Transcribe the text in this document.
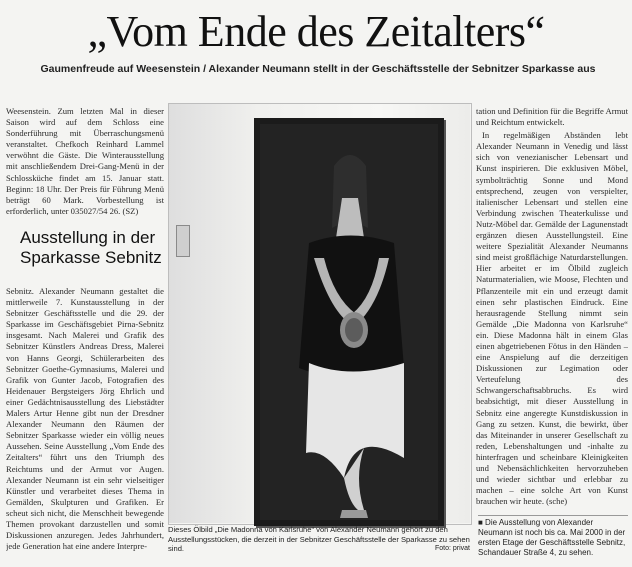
„Vom Ende des Zeitalters“
Gaumenfreude auf Weesenstein / Alexander Neumann stellt in der Geschäftsstelle der Sebnitzer Sparkasse aus

Weesenstein. Zum letzten Mal in dieser Saison wird auf dem Schloss eine Sonderführung mit Überraschungsmenü veranstaltet. Chefkoch Reinhard Lammel verwöhnt die Gäste. Die Winterausstellung mit anschließendem Drei-Gang-Menü in der Schlossküche findet am 15. Januar statt. Beginn: 18 Uhr. Der Preis für Führung Menü beträgt 60 Mark. Vorbestellung ist erforderlich, unter 035027/54 26. (SZ)

Ausstellung in der Sparkasse Sebnitz

Sebnitz. Alexander Neumann gestaltet die mittlerweile 7. Kunstausstellung in der Sebnitzer Geschäftsstelle und die 29. der Sparkasse im Geschäftsgebiet Pirna-Sebnitz insgesamt. Nach Malerei und Grafik des Sebnitzer Künstlers Andreas Dress, Malerei von Hanns Georgi, Schülerarbeiten des Sebnitzer Goethe-Gymnasiums, Malerei und Grafik von Gunter Jacob, Fotografien des Heidenauer Bergsteigers Jörg Ehrlich und einer Gedächtnisausstellung des Liebstädter Malers Artur Henne gibt nun der Dresdner Alexander Neumann den Räumen der Sebnitzer Sparkasse wieder ein völlig neues Aussehen. Seine Ausstellung „Vom Ende des Zeitalters“ führt uns den Triumph des Reichtums und der Armut vor Augen. Alexander Neumann ist ein sehr vielseitiger Künstler und verarbeitet dieses Thema in Gemälden, Skulpturen und Grafiken. Er scheut sich nicht, die Menschheit bewegende Themen provokant darzustellen und somit Diskussionen anzuregen. Jedes Jahrhundert, jede Generation hat eine andere Interpre-

tation und Definition für die Begriffe Armut und Reichtum entwickelt.

In regelmäßigen Abständen lebt Alexander Neumann in Venedig und lässt sich von venezianischer Lebensart und Kunst inspirieren. Die exklusiven Möbel, symbolträchtig Sonne und Mond entsprechend, zeugen von verspielter, italienischer Lebensart und stellen eine Verbindung zwischen Theaterkulisse und Nutz-Möbel dar. Gemälde der Lagunenstadt ergänzen diesen Ausstellungsteil. Eine weitere Spezialität Alexander Neumanns sind meist großflächige Naturdarstellungen. Hier arbeitet er im Ölbild zugleich Naturmaterialien, wie Moose, Flechten und Pflanzenteile mit ein und erzeugt damit einen sehr plastischen Eindruck. Eine herausragende Stellung nimmt sein Gemälde „Die Madonna von Karlsruhe“ ein. Diese Madonna hält in einem Glas einen abgetriebenen Fötus in den Händen – eine Anspielung auf die derzeitigen Diskussionen zur Legimation oder Verteufelung des Schwangerschaftsabbruchs. Es wird beabsichtigt, mit dieser Ausstellung in Sebnitz eine angeregte Kunstdiskussion in Gang zu setzen. Kunst, die bewirkt, über das Miteinander in unserer Gesellschaft zu reden, Lebenshaltungen und -inhalte zu hinterfragen und scheinbare Kleinigkeiten und Nebensächlichkeiten hervorzuheben und wieder sichtbar und erlebbar zu machen – eine solche Art von Kunst brauchen wir heute. (sche)

Dieses Ölbild „Die Madonna von Karlsruhe“ von Alexander Neumann gehört zu den Ausstellungsstücken, die derzeit in der Sebnitzer Geschäftsstelle der Sparkasse zu sehen sind.	Foto: privat
■ Die Ausstellung von Alexander Neumann ist noch bis ca. Mai 2000 in der ersten Etage der Geschäftsstelle Sebnitz, Schandauer Straße 4, zu sehen.
